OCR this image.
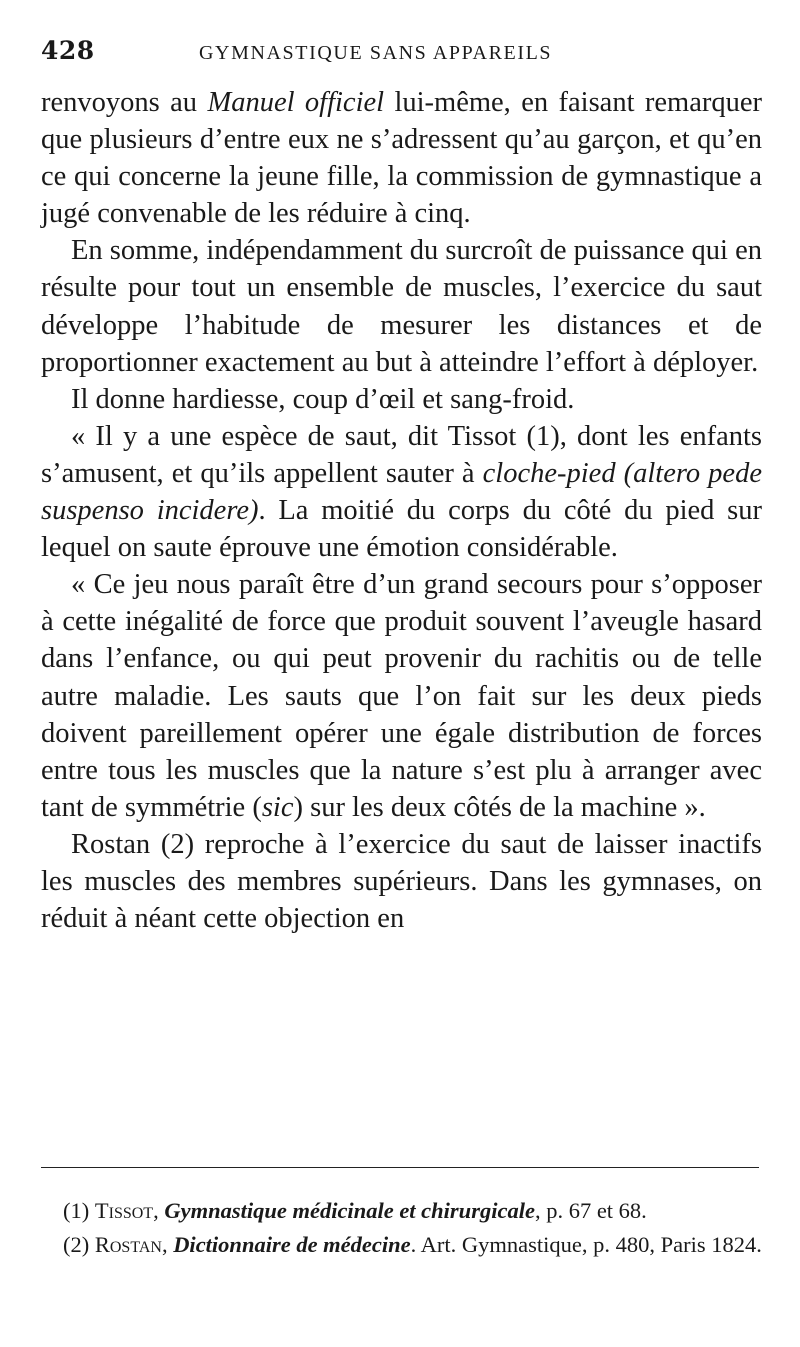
428	GYMNASTIQUE SANS APPAREILS

renvoyons au Manuel officiel lui-même, en faisant remarquer que plusieurs d’entre eux ne s’adressent qu’au garçon, et qu’en ce qui concerne la jeune fille, la commission de gymnastique a jugé convenable de les réduire à cinq.

En somme, indépendamment du surcroît de puissance qui en résulte pour tout un ensemble de muscles, l’exercice du saut développe l’habitude de mesurer les distances et de proportionner exactement au but à atteindre l’effort à déployer.

Il donne hardiesse, coup d’œil et sang-froid.

« Il y a une espèce de saut, dit Tissot (1), dont les enfants s’amusent, et qu’ils appellent sauter à cloche-pied (altero pede suspenso incidere). La moitié du corps du côté du pied sur lequel on saute éprouve une émotion considérable.

« Ce jeu nous paraît être d’un grand secours pour s’opposer à cette inégalité de force que produit souvent l’aveugle hasard dans l’enfance, ou qui peut provenir du rachitis ou de telle autre maladie. Les sauts que l’on fait sur les deux pieds doivent pareillement opérer une égale distribution de forces entre tous les muscles que la nature s’est plu à arranger avec tant de symmétrie (sic) sur les deux côtés de la machine ».

Rostan (2) reproche à l’exercice du saut de laisser inactifs les muscles des membres supérieurs. Dans les gymnases, on réduit à néant cette objection en

(1) Tissot, Gymnastique médicinale et chirurgicale, p. 67 et 68.

(2) Rostan, Dictionnaire de médecine. Art. Gymnastique, p. 480, Paris 1824.
